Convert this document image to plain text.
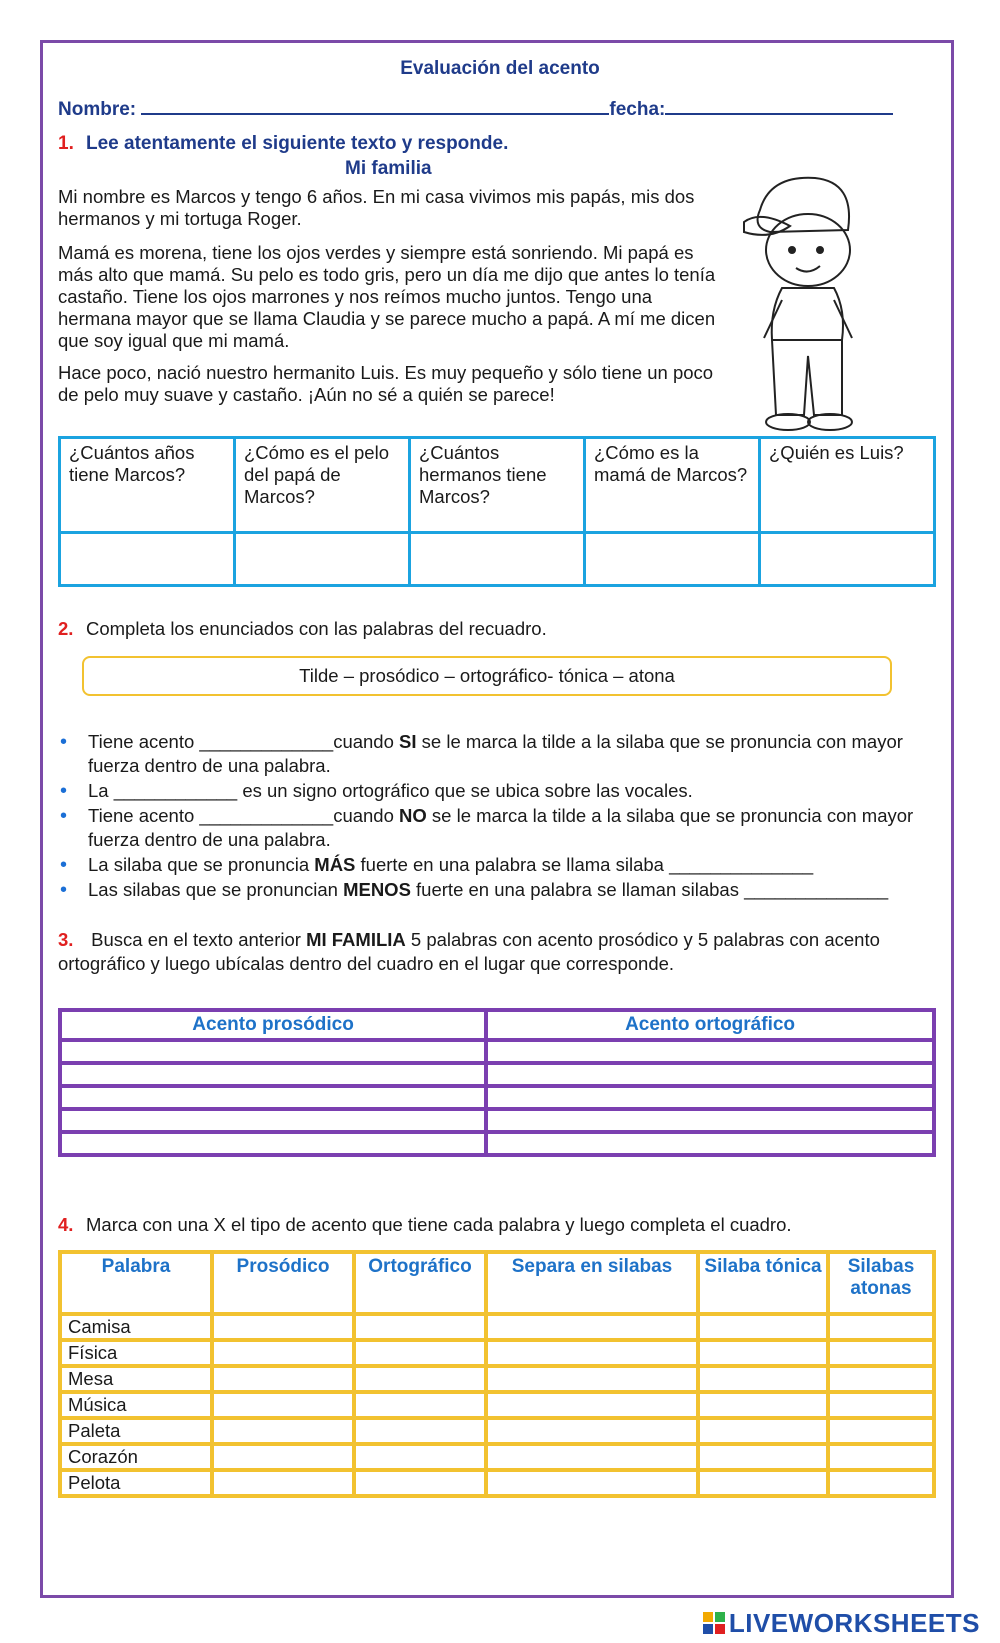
Evaluación del acento
Nombre:	fecha:
1. Lee atentamente el siguiente texto y responde.
Mi familia

Mi nombre es Marcos y tengo 6 años. En mi casa vivimos mis papás, mis dos hermanos y mi tortuga Roger.

Mamá es morena, tiene los ojos verdes y siempre está sonriendo. Mi papá es más alto que mamá. Su pelo es todo gris, pero un día me dijo que antes lo tenía castaño. Tiene los ojos marrones y nos reímos mucho juntos. Tengo una hermana mayor que se llama Claudia y se parece mucho a papá. A mí me dicen que soy igual que mi mamá.

Hace poco, nació nuestro hermanito Luis. Es muy pequeño y sólo tiene un poco de pelo muy suave y castaño. ¡Aún no sé a quién se parece!

¿Cuántos años tiene Marcos?	¿Cómo es el pelo del papá de Marcos?	¿Cuántos hermanos tiene Marcos?	¿Cómo es la mamá de Marcos?	¿Quién es Luis?

2. Completa los enunciados con las palabras del recuadro.
Tilde – prosódico – ortográfico- tónica – atona
• Tiene acento _____________cuando SI se le marca la tilde a la silaba que se pronuncia con mayor fuerza dentro de una palabra.
• La ____________ es un signo ortográfico que se ubica sobre las vocales.
• Tiene acento _____________cuando NO se le marca la tilde a la silaba que se pronuncia con mayor fuerza dentro de una palabra.
• La silaba que se pronuncia MÁS fuerte en una palabra se llama silaba ______________
• Las silabas que se pronuncian MENOS fuerte en una palabra se llaman silabas ______________
3. Busca en el texto anterior MI FAMILIA 5 palabras con acento prosódico y 5 palabras con acento ortográfico y luego ubícalas dentro del cuadro en el lugar que corresponde.
Acento prosódico	Acento ortográfico

4. Marca con una X el tipo de acento que tiene cada palabra y luego completa el cuadro.
Palabra	Prosódico	Ortográfico	Separa en silabas	Silaba tónica	Silabas atonas
Camisa					
Física					
Mesa					
Música					
Paleta					
Corazón					
Pelota					
LIVEWORKSHEETS
